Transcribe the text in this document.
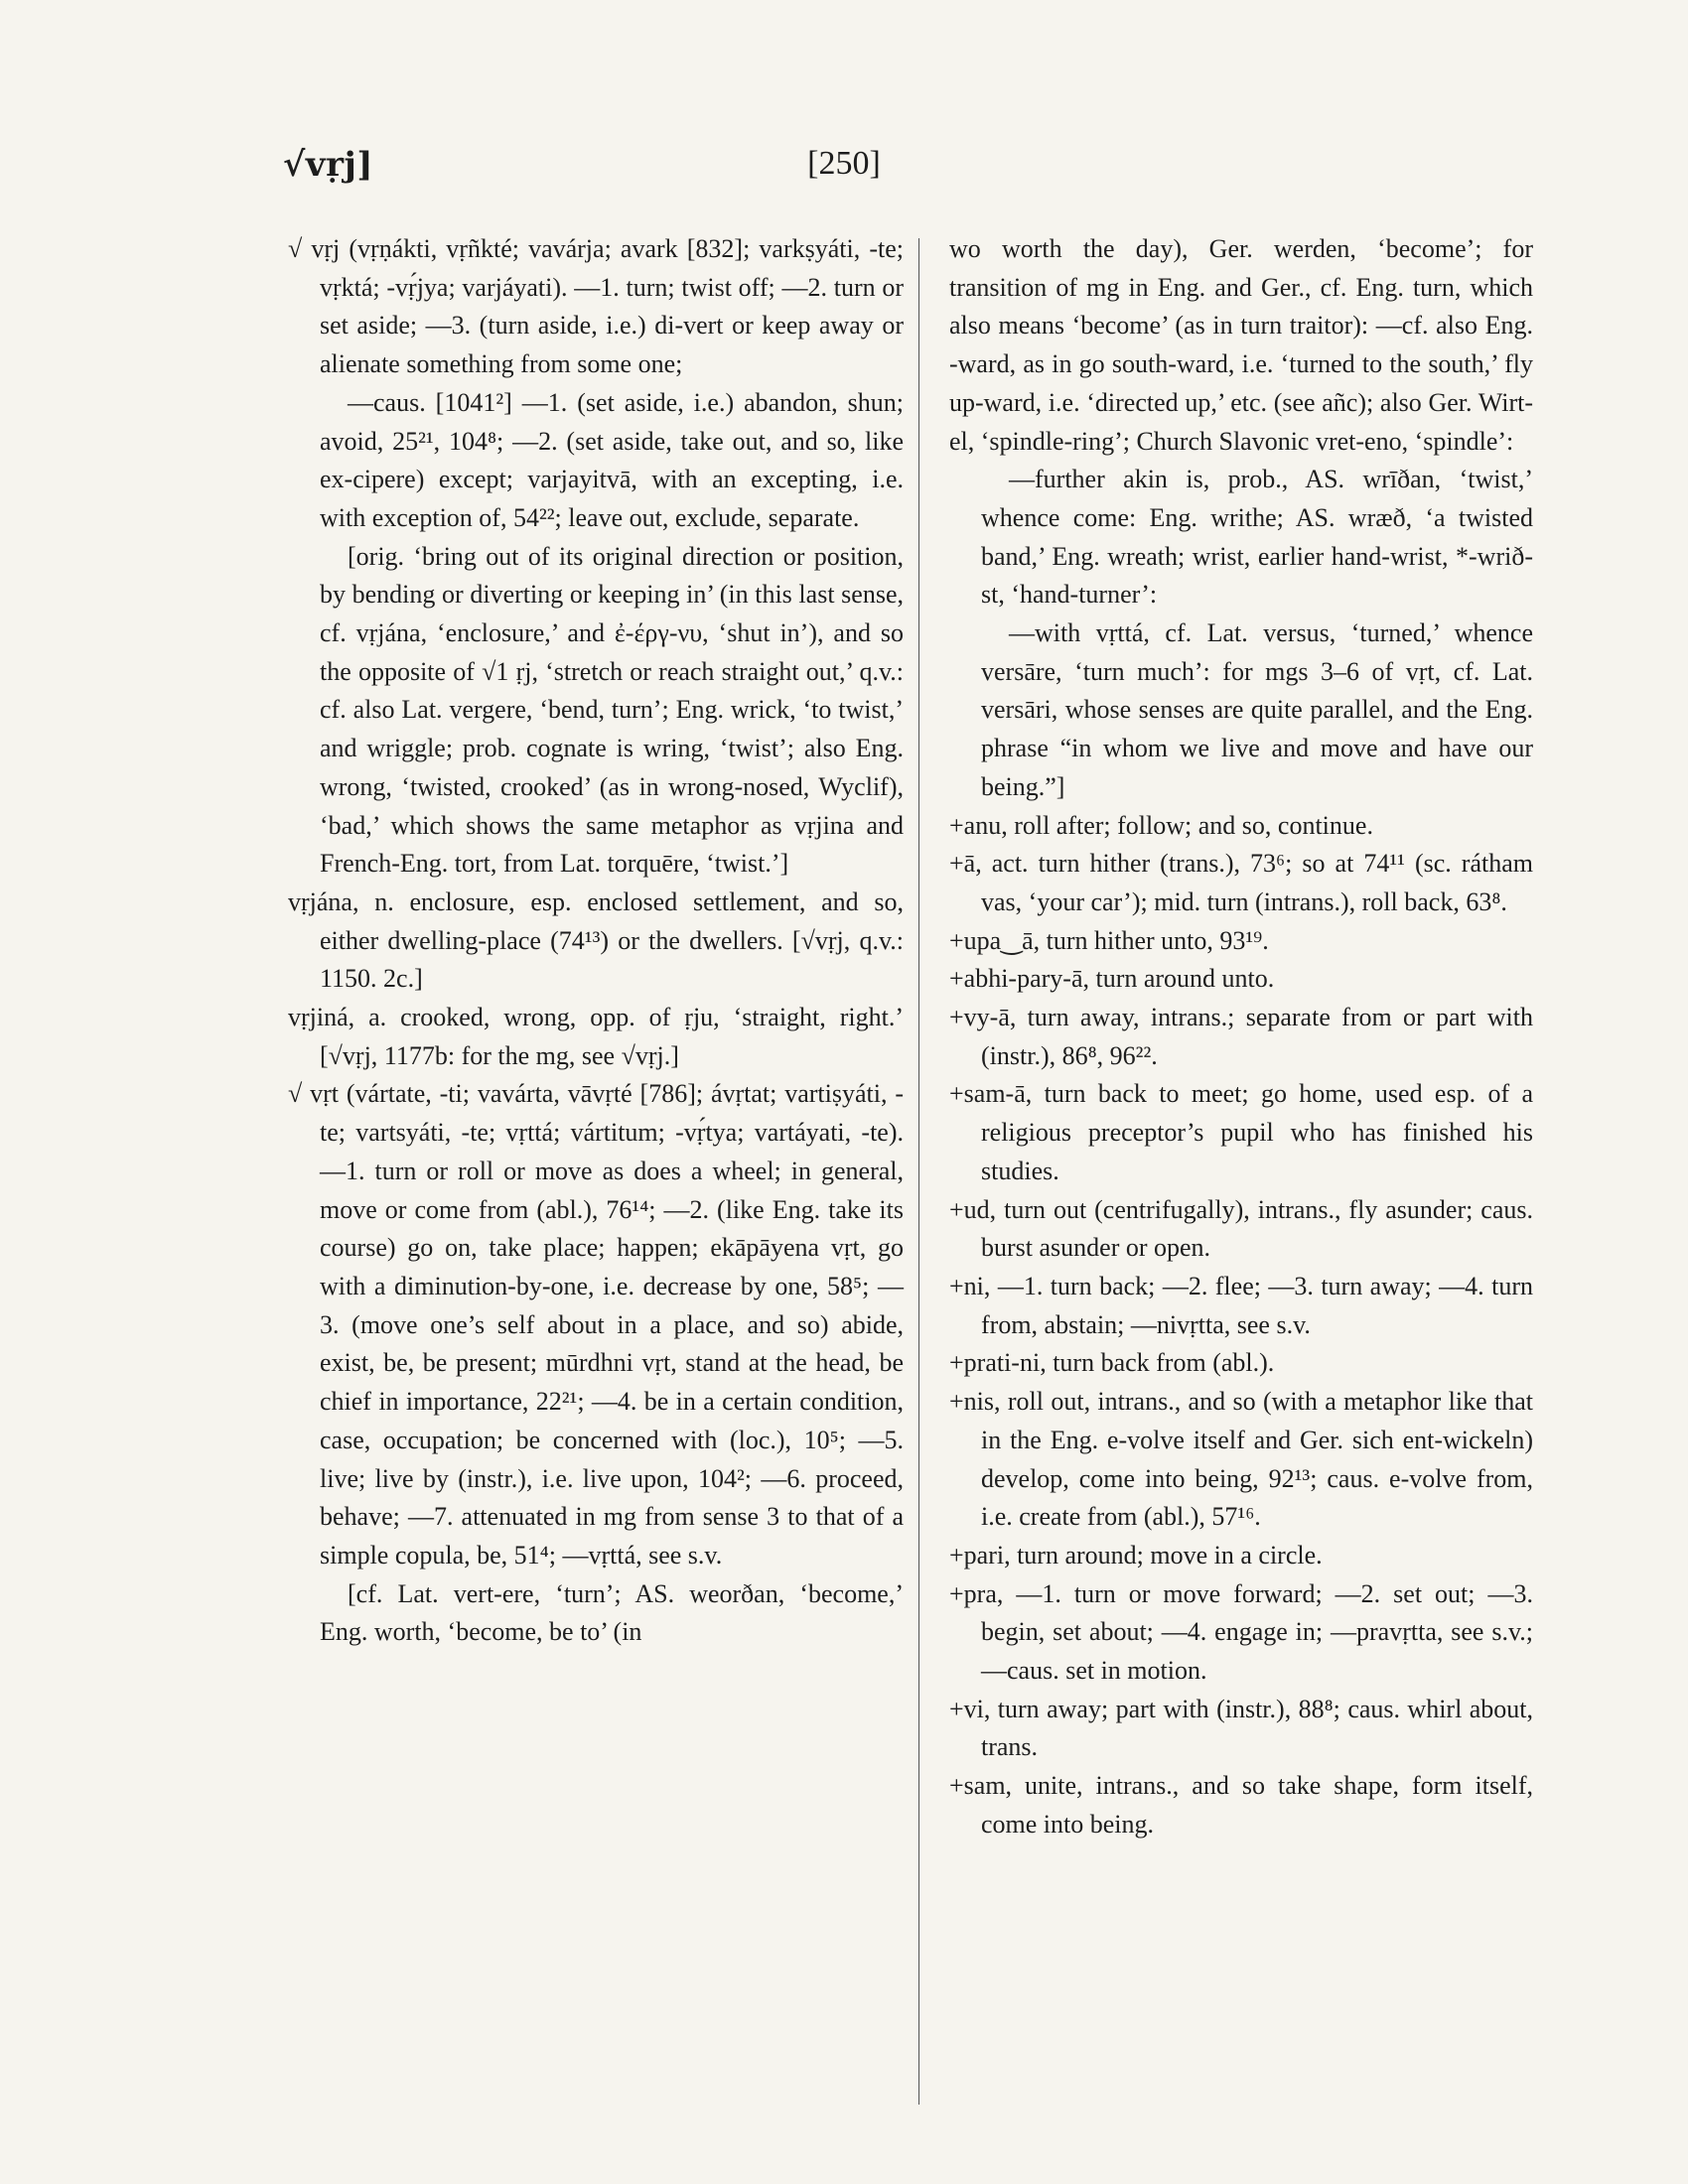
√vṛj]	[250]

√ vṛj (vṛṇákti, vṛñkté; vavárja; avark [832]; varkṣyáti, -te; vṛktá; -vṛ́jya; varjáyati). —1. turn; twist off; —2. turn or set aside; —3. (turn aside, i.e.) di-vert or keep away or alienate something from some one;

—caus. [1041²] —1. (set aside, i.e.) abandon, shun; avoid, 25²¹, 104⁸; —2. (set aside, take out, and so, like ex-cipere) except; varjayitvā, with an excepting, i.e. with exception of, 54²²; leave out, exclude, separate.

[orig. ‘bring out of its original direction or position, by bending or diverting or keeping in’ (in this last sense, cf. vṛjána, ‘enclosure,’ and ἐ-έργ-νυ, ‘shut in’), and so the opposite of √1 ṛj, ‘stretch or reach straight out,’ q.v.: cf. also Lat. vergere, ‘bend, turn’; Eng. wrick, ‘to twist,’ and wriggle; prob. cognate is wring, ‘twist’; also Eng. wrong, ‘twisted, crooked’ (as in wrong-nosed, Wyclif), ‘bad,’ which shows the same metaphor as vṛjina and French-Eng. tort, from Lat. torquēre, ‘twist.’]

vṛjána, n. enclosure, esp. enclosed settlement, and so, either dwelling-place (74¹³) or the dwellers. [√vṛj, q.v.: 1150. 2c.]

vṛjiná, a. crooked, wrong, opp. of ṛju, ‘straight, right.’ [√vṛj, 1177b: for the mg, see √vṛj.]

√ vṛt (vártate, -ti; vavárta, vāvṛté [786]; ávṛtat; vartiṣyáti, -te; vartsyáti, -te; vṛttá; vártitum; -vṛ́tya; vartáyati, -te). —1. turn or roll or move as does a wheel; in general, move or come from (abl.), 76¹⁴; —2. (like Eng. take its course) go on, take place; happen; ekāpāyena vṛt, go with a diminution-by-one, i.e. decrease by one, 58⁵; —3. (move one’s self about in a place, and so) abide, exist, be, be present; mūrdhni vṛt, stand at the head, be chief in importance, 22²¹; —4. be in a certain condition, case, occupation; be concerned with (loc.), 10⁵; —5. live; live by (instr.), i.e. live upon, 104²; —6. proceed, behave; —7. attenuated in mg from sense 3 to that of a simple copula, be, 51⁴; —vṛttá, see s.v.

[cf. Lat. vert-ere, ‘turn’; AS. weorðan, ‘become,’ Eng. worth, ‘become, be to’ (in

wo worth the day), Ger. werden, ‘become’; for transition of mg in Eng. and Ger., cf. Eng. turn, which also means ‘become’ (as in turn traitor): —cf. also Eng. -ward, as in go south-ward, i.e. ‘turned to the south,’ fly up-ward, i.e. ‘directed up,’ etc. (see añc); also Ger. Wirt-el, ‘spindle-ring’; Church Slavonic vret-eno, ‘spindle’:

—further akin is, prob., AS. wrīðan, ‘twist,’ whence come: Eng. writhe; AS. wræð, ‘a twisted band,’ Eng. wreath; wrist, earlier hand-wrist, *-wrið-st, ‘hand-turner’:

—with vṛttá, cf. Lat. versus, ‘turned,’ whence versāre, ‘turn much’: for mgs 3–6 of vṛt, cf. Lat. versāri, whose senses are quite parallel, and the Eng. phrase “in whom we live and move and have our being.”]

+anu, roll after; follow; and so, continue.

+ā, act. turn hither (trans.), 73⁶; so at 74¹¹ (sc. rátham vas, ‘your car’); mid. turn (intrans.), roll back, 63⁸.

+upa‿ā, turn hither unto, 93¹⁹.

+abhi-pary-ā, turn around unto.

+vy-ā, turn away, intrans.; separate from or part with (instr.), 86⁸, 96²².

+sam-ā, turn back to meet; go home, used esp. of a religious preceptor’s pupil who has finished his studies.

+ud, turn out (centrifugally), intrans., fly asunder; caus. burst asunder or open.

+ni, —1. turn back; —2. flee; —3. turn away; —4. turn from, abstain; —nivṛtta, see s.v.

+prati-ni, turn back from (abl.).

+nis, roll out, intrans., and so (with a metaphor like that in the Eng. e-volve itself and Ger. sich ent-wickeln) develop, come into being, 92¹³; caus. e-volve from, i.e. create from (abl.), 57¹⁶.

+pari, turn around; move in a circle.

+pra, —1. turn or move forward; —2. set out; —3. begin, set about; —4. engage in; —pravṛtta, see s.v.; —caus. set in motion.

+vi, turn away; part with (instr.), 88⁸; caus. whirl about, trans.

+sam, unite, intrans., and so take shape, form itself, come into being.
